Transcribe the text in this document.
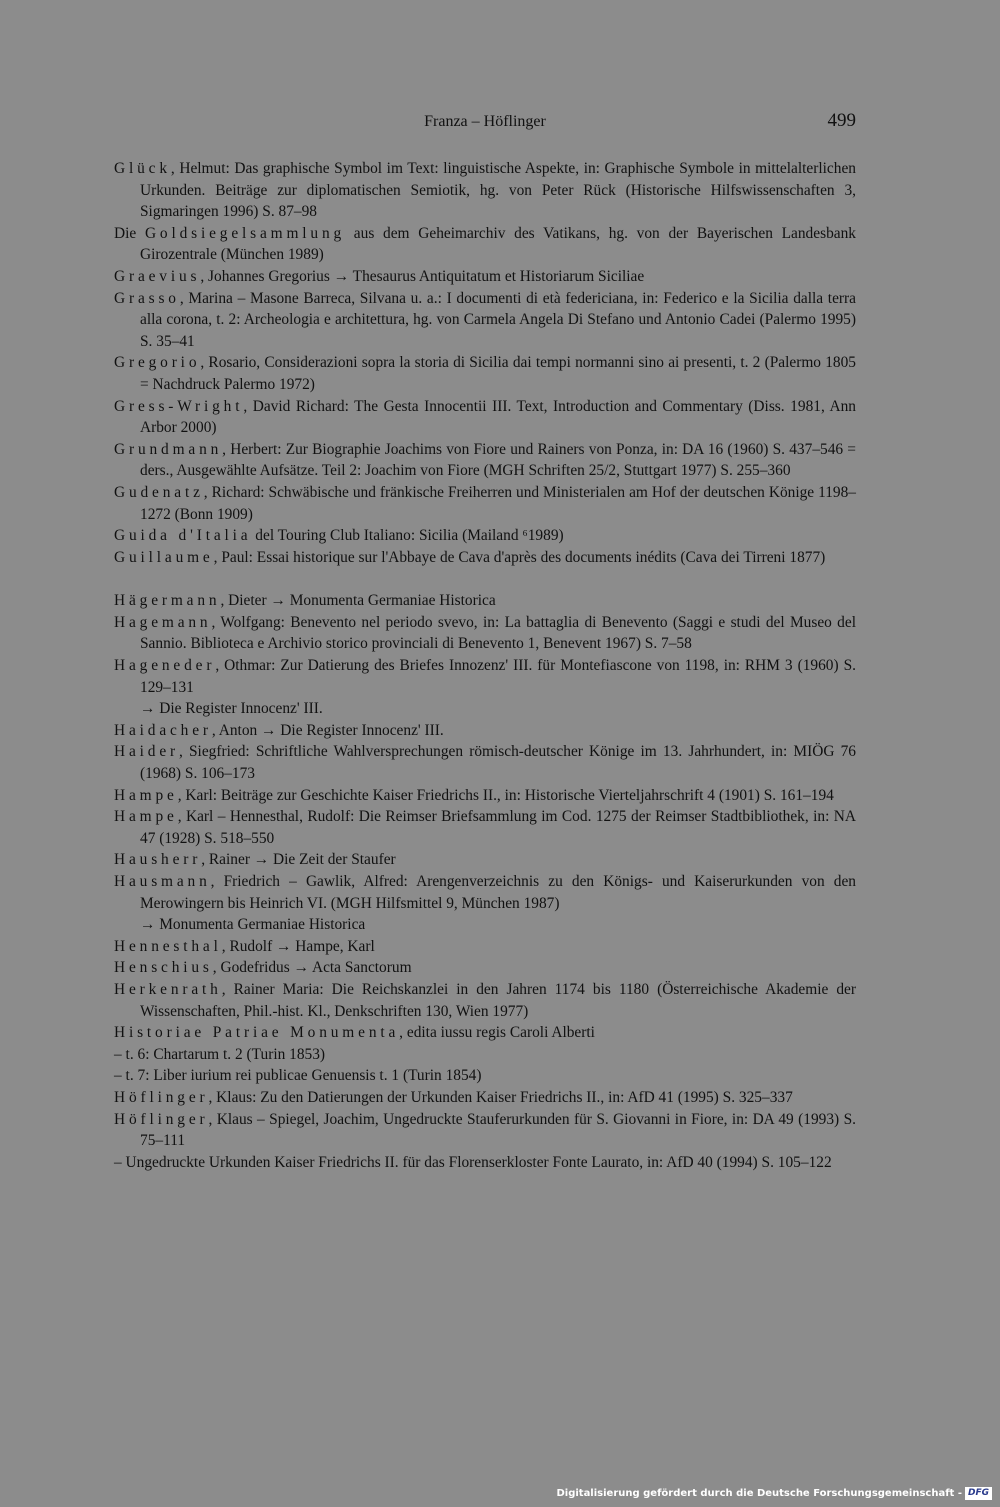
Franza – Höflinger	499
Glück, Helmut: Das graphische Symbol im Text: linguistische Aspekte, in: Graphische Symbole in mittelalterlichen Urkunden. Beiträge zur diplomatischen Semiotik, hg. von Peter Rück (Historische Hilfswissenschaften 3, Sigmaringen 1996) S. 87–98
Die Goldsiegelsammlung aus dem Geheimarchiv des Vatikans, hg. von der Bayerischen Landesbank Girozentrale (München 1989)
Graevius, Johannes Gregorius → Thesaurus Antiquitatum et Historiarum Siciliae
Grasso, Marina – Masone Barreca, Silvana u. a.: I documenti di età federiciana, in: Federico e la Sicilia dalla terra alla corona, t. 2: Archeologia e architettura, hg. von Carmela Angela Di Stefano und Antonio Cadei (Palermo 1995) S. 35–41
Gregorio, Rosario, Considerazioni sopra la storia di Sicilia dai tempi normanni sino ai presenti, t. 2 (Palermo 1805 = Nachdruck Palermo 1972)
Gress-Wright, David Richard: The Gesta Innocentii III. Text, Introduction and Commentary (Diss. 1981, Ann Arbor 2000)
Grundmann, Herbert: Zur Biographie Joachims von Fiore und Rainers von Ponza, in: DA 16 (1960) S. 437–546 = ders., Ausgewählte Aufsätze. Teil 2: Joachim von Fiore (MGH Schriften 25/2, Stuttgart 1977) S. 255–360
Gudenatz, Richard: Schwäbische und fränkische Freiherren und Ministerialen am Hof der deutschen Könige 1198–1272 (Bonn 1909)
Guida d'Italia del Touring Club Italiano: Sicilia (Mailand ⁶1989)
Guillaume, Paul: Essai historique sur l'Abbaye de Cava d'après des documents inédits (Cava dei Tirreni 1877)
Hägermann, Dieter → Monumenta Germaniae Historica
Hagemann, Wolfgang: Benevento nel periodo svevo, in: La battaglia di Benevento (Saggi e studi del Museo del Sannio. Biblioteca e Archivio storico provinciali di Benevento 1, Benevent 1967) S. 7–58
Hageneder, Othmar: Zur Datierung des Briefes Innozenz' III. für Montefiascone von 1198, in: RHM 3 (1960) S. 129–131
→ Die Register Innocenz' III.
Haidacher, Anton → Die Register Innocenz' III.
Haider, Siegfried: Schriftliche Wahlversprechungen römisch-deutscher Könige im 13. Jahrhundert, in: MIÖG 76 (1968) S. 106–173
Hampe, Karl: Beiträge zur Geschichte Kaiser Friedrichs II., in: Historische Vierteljahrschrift 4 (1901) S. 161–194
Hampe, Karl – Hennesthal, Rudolf: Die Reimser Briefsammlung im Cod. 1275 der Reimser Stadtbibliothek, in: NA 47 (1928) S. 518–550
Hausherr, Rainer → Die Zeit der Staufer
Hausmann, Friedrich – Gawlik, Alfred: Arengenverzeichnis zu den Königs- und Kaiserurkunden von den Merowingern bis Heinrich VI. (MGH Hilfsmittel 9, München 1987)
→ Monumenta Germaniae Historica
Hennesthal, Rudolf → Hampe, Karl
Henschius, Godefridus → Acta Sanctorum
Herkenrath, Rainer Maria: Die Reichskanzlei in den Jahren 1174 bis 1180 (Österreichische Akademie der Wissenschaften, Phil.-hist. Kl., Denkschriften 130, Wien 1977)
Historiae Patriae Monumenta, edita iussu regis Caroli Alberti
– t. 6: Chartarum t. 2 (Turin 1853)
– t. 7: Liber iurium rei publicae Genuensis t. 1 (Turin 1854)
Höflinger, Klaus: Zu den Datierungen der Urkunden Kaiser Friedrichs II., in: AfD 41 (1995) S. 325–337
Höflinger, Klaus – Spiegel, Joachim, Ungedruckte Stauferurkunden für S. Giovanni in Fiore, in: DA 49 (1993) S. 75–111
– Ungedruckte Urkunden Kaiser Friedrichs II. für das Florenserkloster Fonte Laurato, in: AfD 40 (1994) S. 105–122
Digitalisierung gefördert durch die Deutsche Forschungsgemeinschaft - DFG
